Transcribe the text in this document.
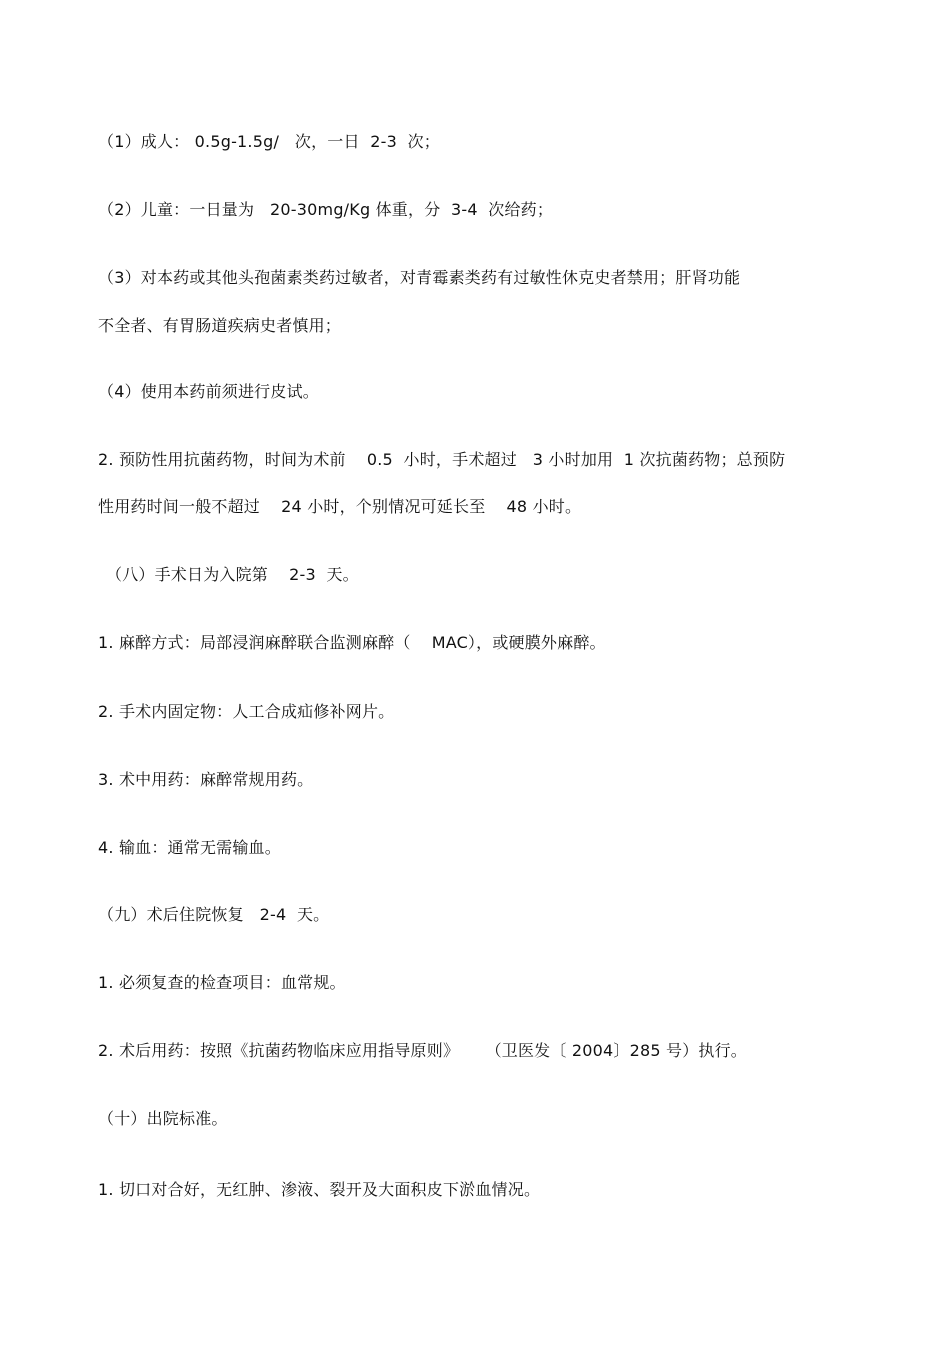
（1）成人： 0.5g-1.5g/   次，一日  2-3  次；
（2）儿童：一日量为   20-30mg/Kg 体重，分  3-4  次给药；
（3）对本药或其他头孢菌素类药过敏者，对青霉素类药有过敏性休克史者禁用；肝肾功能
不全者、有胃肠道疾病史者慎用；
（4）使用本药前须进行皮试。
2. 预防性用抗菌药物，时间为术前    0.5  小时，手术超过   3 小时加用  1 次抗菌药物；总预防
性用药时间一般不超过    24 小时，个别情况可延长至    48 小时。
（八）手术日为入院第    2-3  天。
1. 麻醉方式：局部浸润麻醉联合监测麻醉（    MAC），或硬膜外麻醉。
2. 手术内固定物：人工合成疝修补网片。
3. 术中用药：麻醉常规用药。
4. 输血：通常无需输血。
（九）术后住院恢复   2-4  天。
1. 必须复查的检查项目：血常规。
2. 术后用药：按照《抗菌药物临床应用指导原则》     （卫医发〔 2004〕285 号）执行。
（十）出院标准。
1. 切口对合好，无红肿、渗液、裂开及大面积皮下淤血情况。
